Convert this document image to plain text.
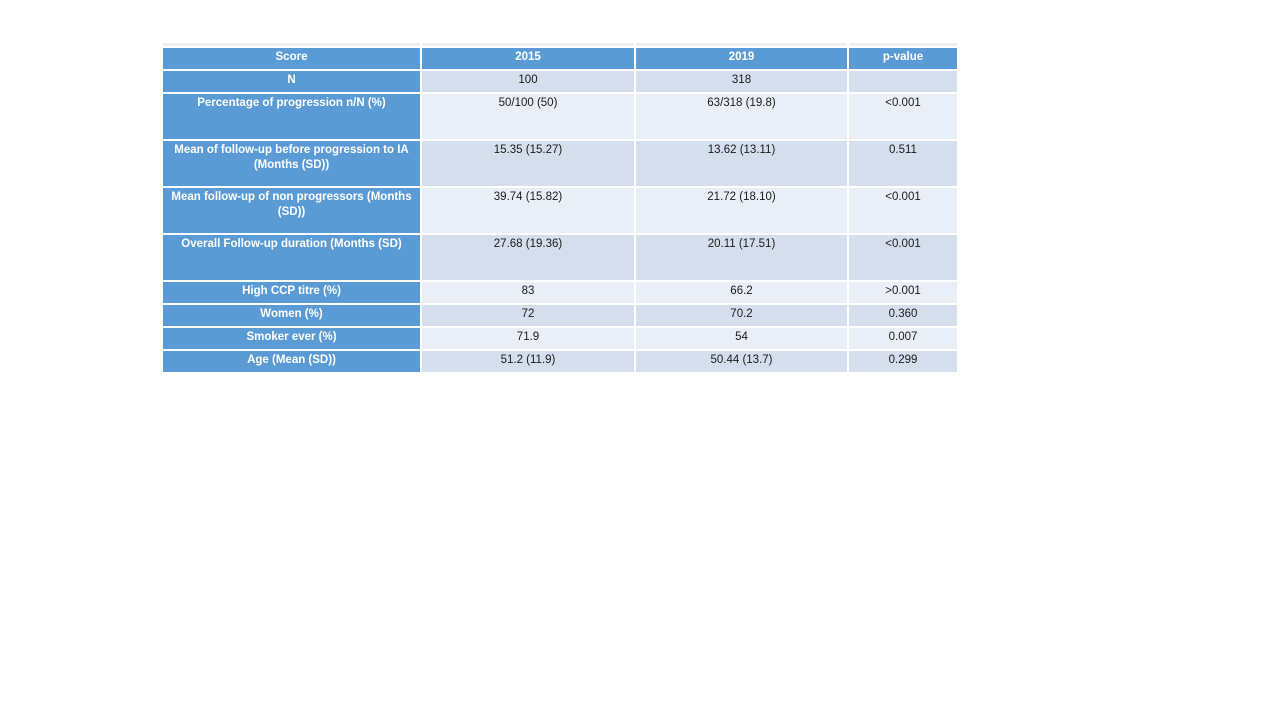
Score	2015	2019	p-value
N	100	318	
Percentage of progression n/N (%)	50/100 (50)	63/318 (19.8)	<0.001
Mean of follow-up before progression to IA (Months (SD))	15.35 (15.27)	13.62 (13.11)	0.511
Mean follow-up of non progressors (Months (SD))	39.74 (15.82)	21.72 (18.10)	<0.001
Overall Follow-up duration (Months (SD)	27.68 (19.36)	20.11 (17.51)	<0.001
High CCP titre (%)	83	66.2	>0.001
Women (%)	72	70.2	0.360
Smoker ever (%)	71.9	54	0.007
Age (Mean (SD))	51.2 (11.9)	50.44 (13.7)	0.299
